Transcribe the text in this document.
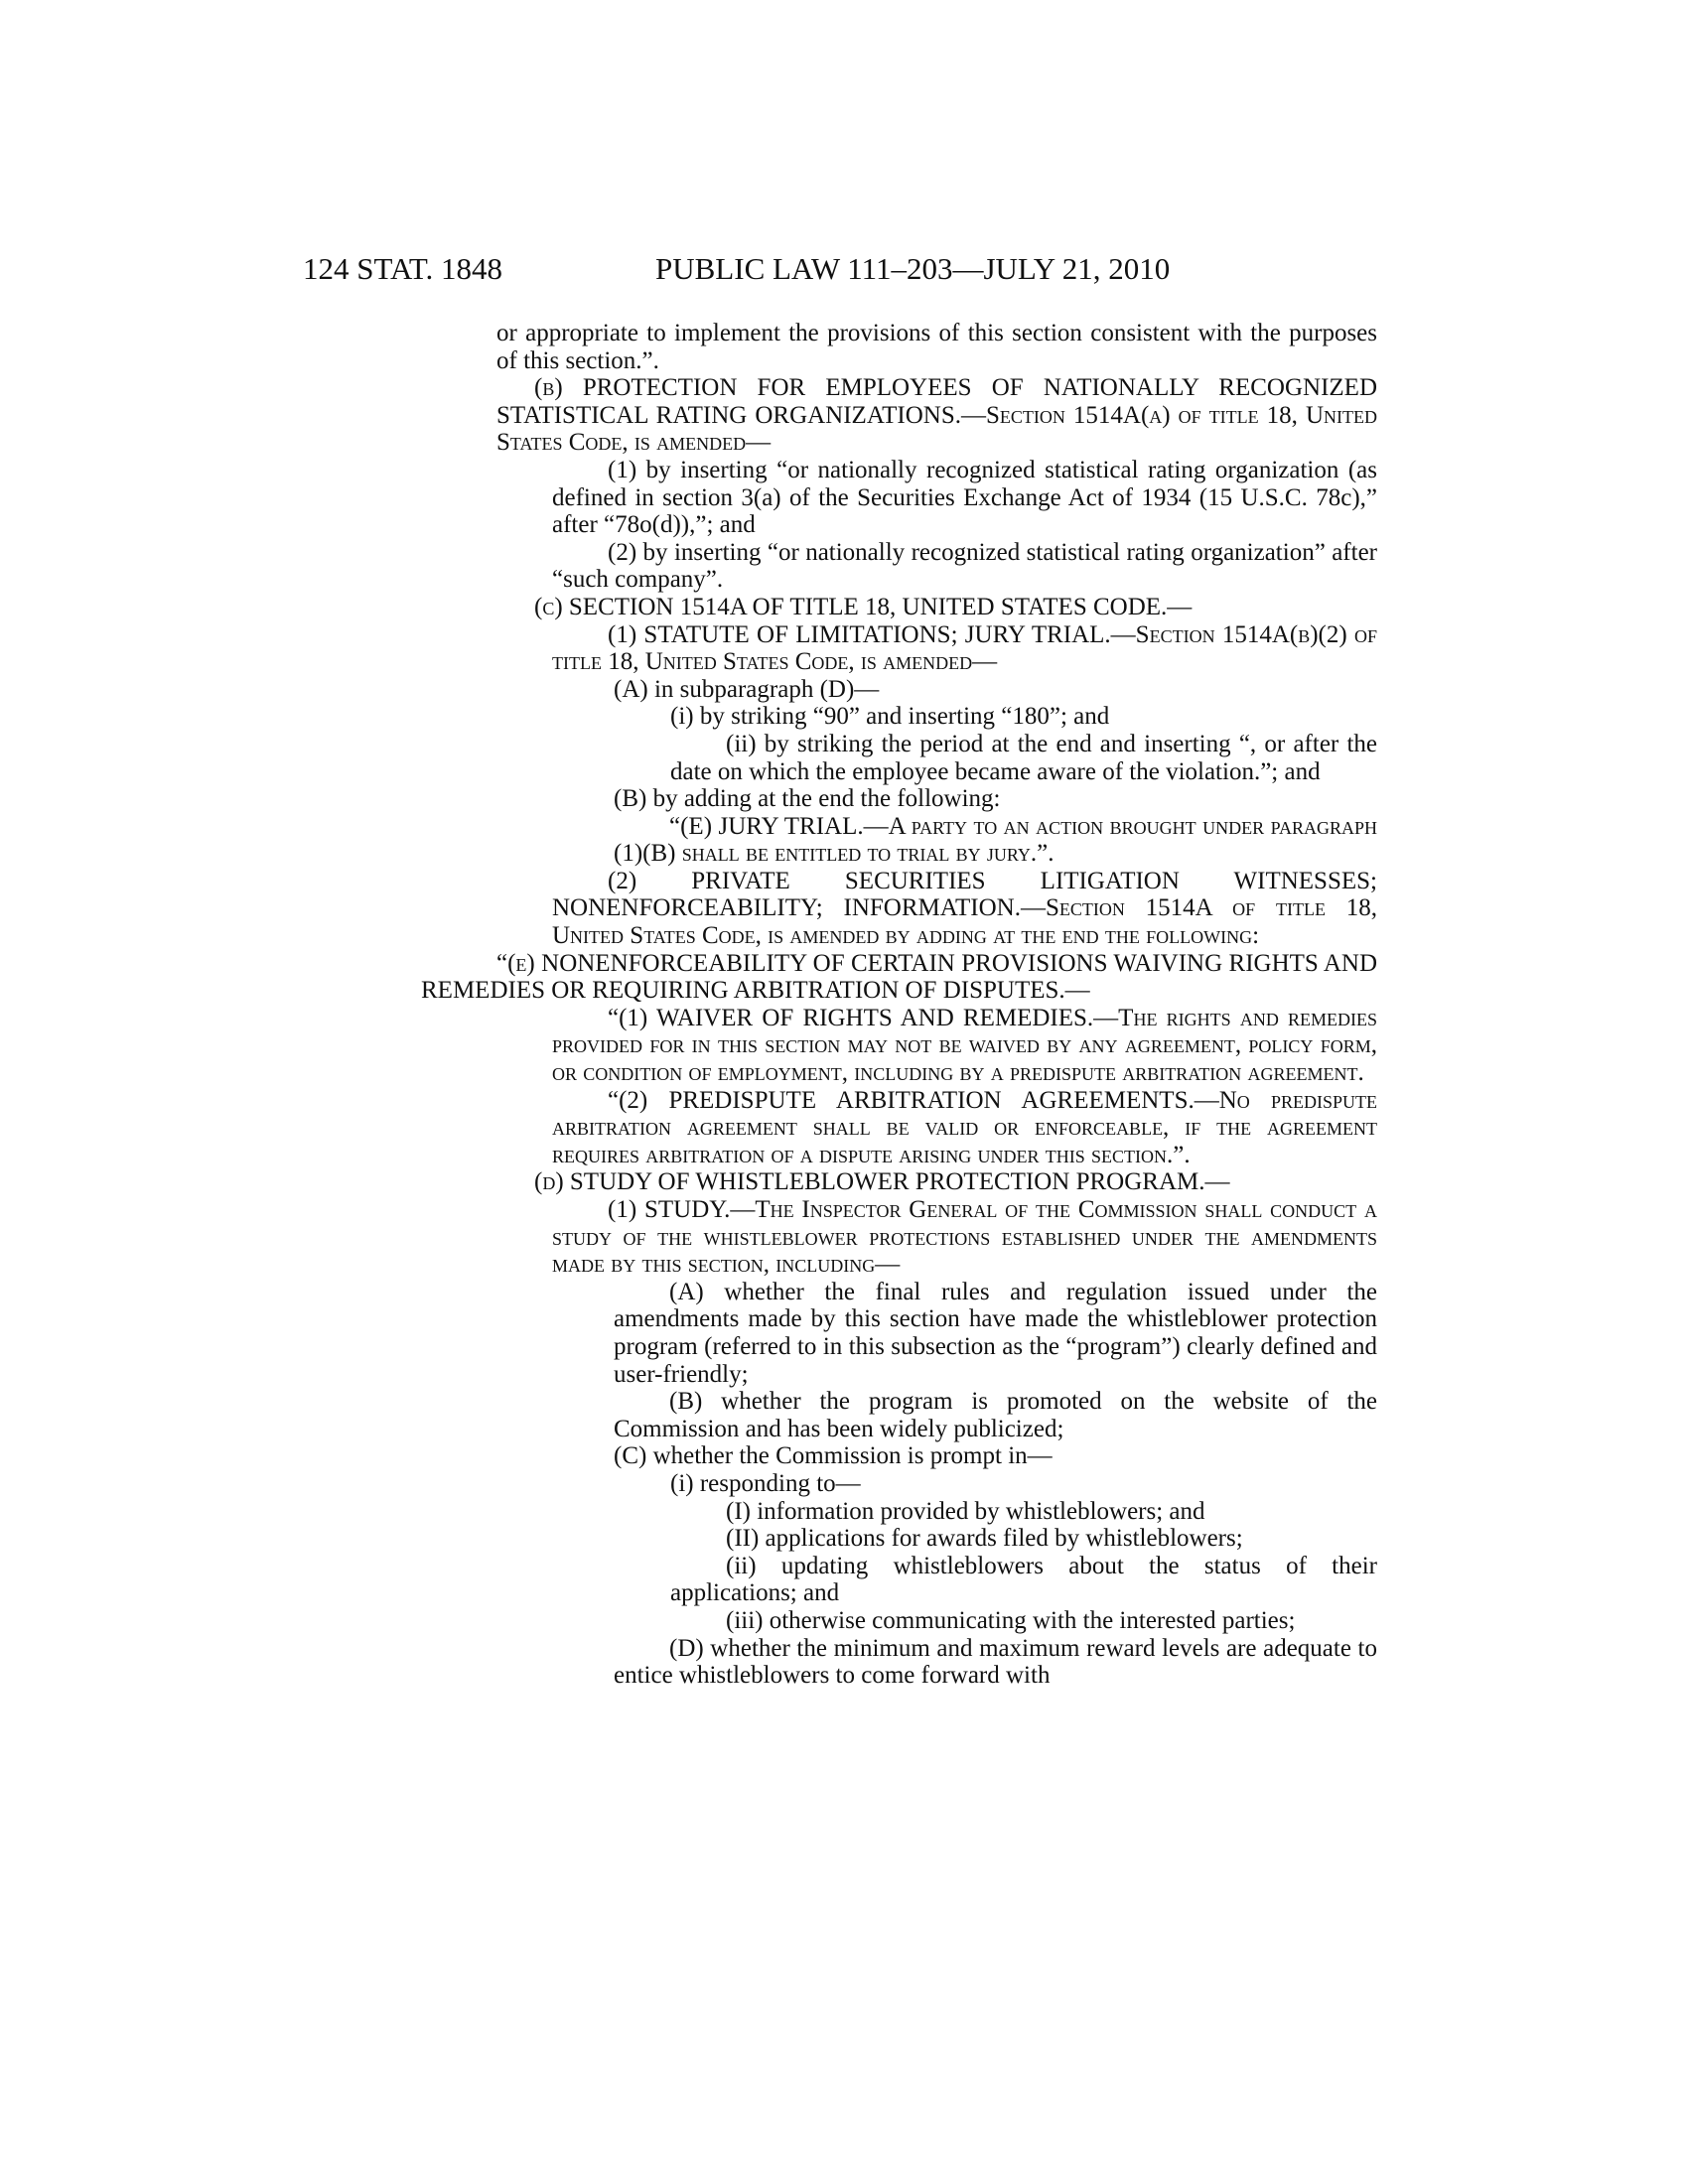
124 STAT. 1848	PUBLIC LAW 111–203—JULY 21, 2010

or appropriate to implement the provisions of this section consistent with the purposes of this section.”.

(b) PROTECTION FOR EMPLOYEES OF NATIONALLY RECOGNIZED STATISTICAL RATING ORGANIZATIONS.—Section 1514A(a) of title 18, United States Code, is amended—

(1) by inserting “or nationally recognized statistical rating organization (as defined in section 3(a) of the Securities Exchange Act of 1934 (15 U.S.C. 78c),” after “78o(d)),”; and

(2) by inserting “or nationally recognized statistical rating organization” after “such company”.

(c) SECTION 1514A OF TITLE 18, UNITED STATES CODE.—

(1) STATUTE OF LIMITATIONS; JURY TRIAL.—Section 1514A(b)(2) of title 18, United States Code, is amended—

(A) in subparagraph (D)—

(i) by striking “90” and inserting “180”; and

(ii) by striking the period at the end and inserting “, or after the date on which the employee became aware of the violation.”; and

(B) by adding at the end the following:

“(E) JURY TRIAL.—A party to an action brought under paragraph (1)(B) shall be entitled to trial by jury.”.

(2) PRIVATE SECURITIES LITIGATION WITNESSES; NONENFORCEABILITY; INFORMATION.—Section 1514A of title 18, United States Code, is amended by adding at the end the following:

“(e) NONENFORCEABILITY OF CERTAIN PROVISIONS WAIVING RIGHTS AND REMEDIES OR REQUIRING ARBITRATION OF DISPUTES.—

“(1) WAIVER OF RIGHTS AND REMEDIES.—The rights and remedies provided for in this section may not be waived by any agreement, policy form, or condition of employment, including by a predispute arbitration agreement.

“(2) PREDISPUTE ARBITRATION AGREEMENTS.—No predispute arbitration agreement shall be valid or enforceable, if the agreement requires arbitration of a dispute arising under this section.”.

(d) STUDY OF WHISTLEBLOWER PROTECTION PROGRAM.—

(1) STUDY.—The Inspector General of the Commission shall conduct a study of the whistleblower protections established under the amendments made by this section, including—

(A) whether the final rules and regulation issued under the amendments made by this section have made the whistleblower protection program (referred to in this subsection as the “program”) clearly defined and user-friendly;

(B) whether the program is promoted on the website of the Commission and has been widely publicized;

(C) whether the Commission is prompt in—

(i) responding to—

(I) information provided by whistleblowers; and

(II) applications for awards filed by whistleblowers;

(ii) updating whistleblowers about the status of their applications; and

(iii) otherwise communicating with the interested parties;

(D) whether the minimum and maximum reward levels are adequate to entice whistleblowers to come forward with
